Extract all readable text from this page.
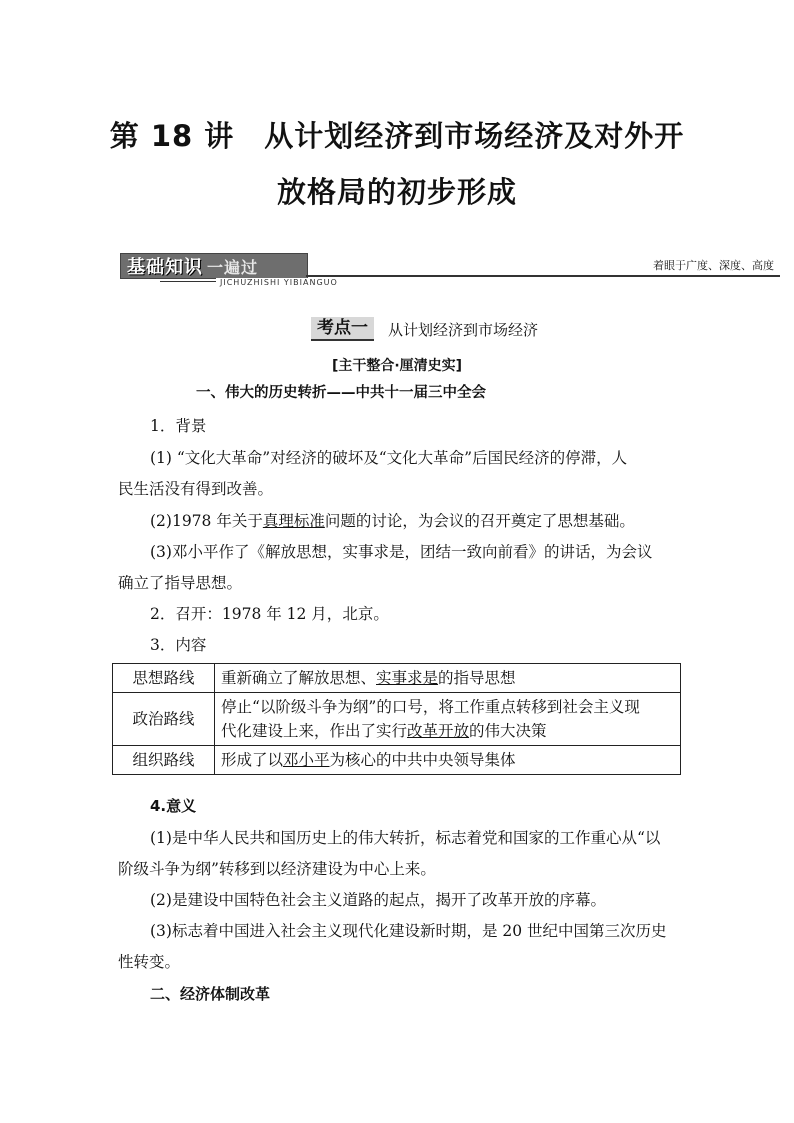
第 18 讲　从计划经济到市场经济及对外开
放格局的初步形成
基础知识 一遍过
JICHUZHISHI YIBIANGUO
着眼于广度、深度、高度
考点一	从计划经济到市场经济
[主干整合·厘清史实]
一、伟大的历史转折——中共十一届三中全会
1．背景
(1) “文化大革命”对经济的破坏及“文化大革命”后国民经济的停滞，人
民生活没有得到改善。
(2)1978 年关于真理标准问题的讨论，为会议的召开奠定了思想基础。
(3)邓小平作了《解放思想，实事求是，团结一致向前看》的讲话，为会议
确立了指导思想。
2．召开：1978 年 12 月，北京。
3．内容
思想路线	重新确立了解放思想、实事求是的指导思想
政治路线	停止“以阶级斗争为纲”的口号，将工作重点转移到社会主义现
代化建设上来，作出了实行改革开放的伟大决策

组织路线	形成了以邓小平为核心的中共中央领导集体
4.意义
(1)是中华人民共和国历史上的伟大转折，标志着党和国家的工作重心从“以
阶级斗争为纲”转移到以经济建设为中心上来。
(2)是建设中国特色社会主义道路的起点，揭开了改革开放的序幕。
(3)标志着中国进入社会主义现代化建设新时期，是 20 世纪中国第三次历史
性转变。
二、经济体制改革
